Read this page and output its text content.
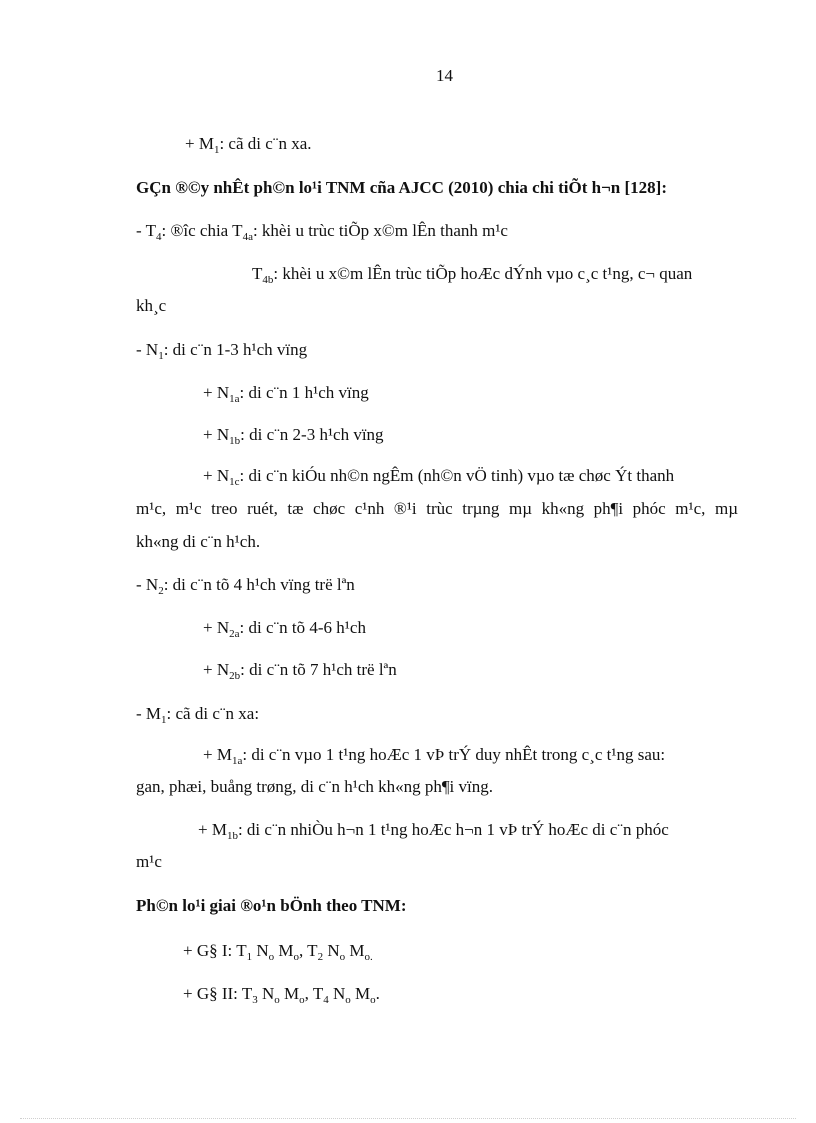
14
+ $M_1$: cã di c¨n xa.
GÇn ®©y nhÊt ph©n lo¹i TNM cña AJCC (2010) chia chi tiÕt h¬n [128]:
- $T_4$: ®îc chia $T_{4a}$: khèi u trùc tiÕp x©m lÊn thanh m¹c
$T_{4b}$: khèi u x©m lÊn trùc tiÕp hoÆc dÝnh vµo c¸c t¹ng, c¬ quan
kh¸c
- $N_1$: di c¨n 1-3 h¹ch vïng
+ $N_{1a}$: di c¨n 1 h¹ch vïng
+ $N_{1b}$: di c¨n 2-3 h¹ch vïng
+ $N_{1c}$: di c¨n kiÓu nh©n ngÊm (nh©n vÖ tinh) vµo tæ chøc Ýt thanh
m¹c, m¹c treo ruét, tæ chøc c¹nh ®¹i trùc trµng mµ kh«ng ph¶i phóc m¹c, mµ
kh«ng di c¨n h¹ch.
- $N_2$: di c¨n tõ 4 h¹ch vïng trë lªn
+ $N_{2a}$: di c¨n tõ 4-6 h¹ch
+ $N_{2b}$: di c¨n tõ 7 h¹ch trë lªn
- $M_1$: cã di c¨n xa:
+ $M_{1a}$: di c¨n vµo 1 t¹ng hoÆc 1 vÞ trÝ duy nhÊt trong c¸c t¹ng sau:
gan, phæi, buång trøng, di c¨n h¹ch kh«ng ph¶i vïng.
+ $M_{1b}$: di c¨n nhiÒu h¬n 1 t¹ng hoÆc h¬n 1 vÞ trÝ hoÆc di c¨n phóc
m¹c
Ph©n lo¹i giai ®o¹n bÖnh theo TNM:
+ G§ I: $T_1$ $N_o$ $M_o$, $T_2$ $N_o$ $M_{o.}$
+ G§ II: $T_3$ $N_o$ $M_o$, $T_4$ $N_o$ $M_o$.
